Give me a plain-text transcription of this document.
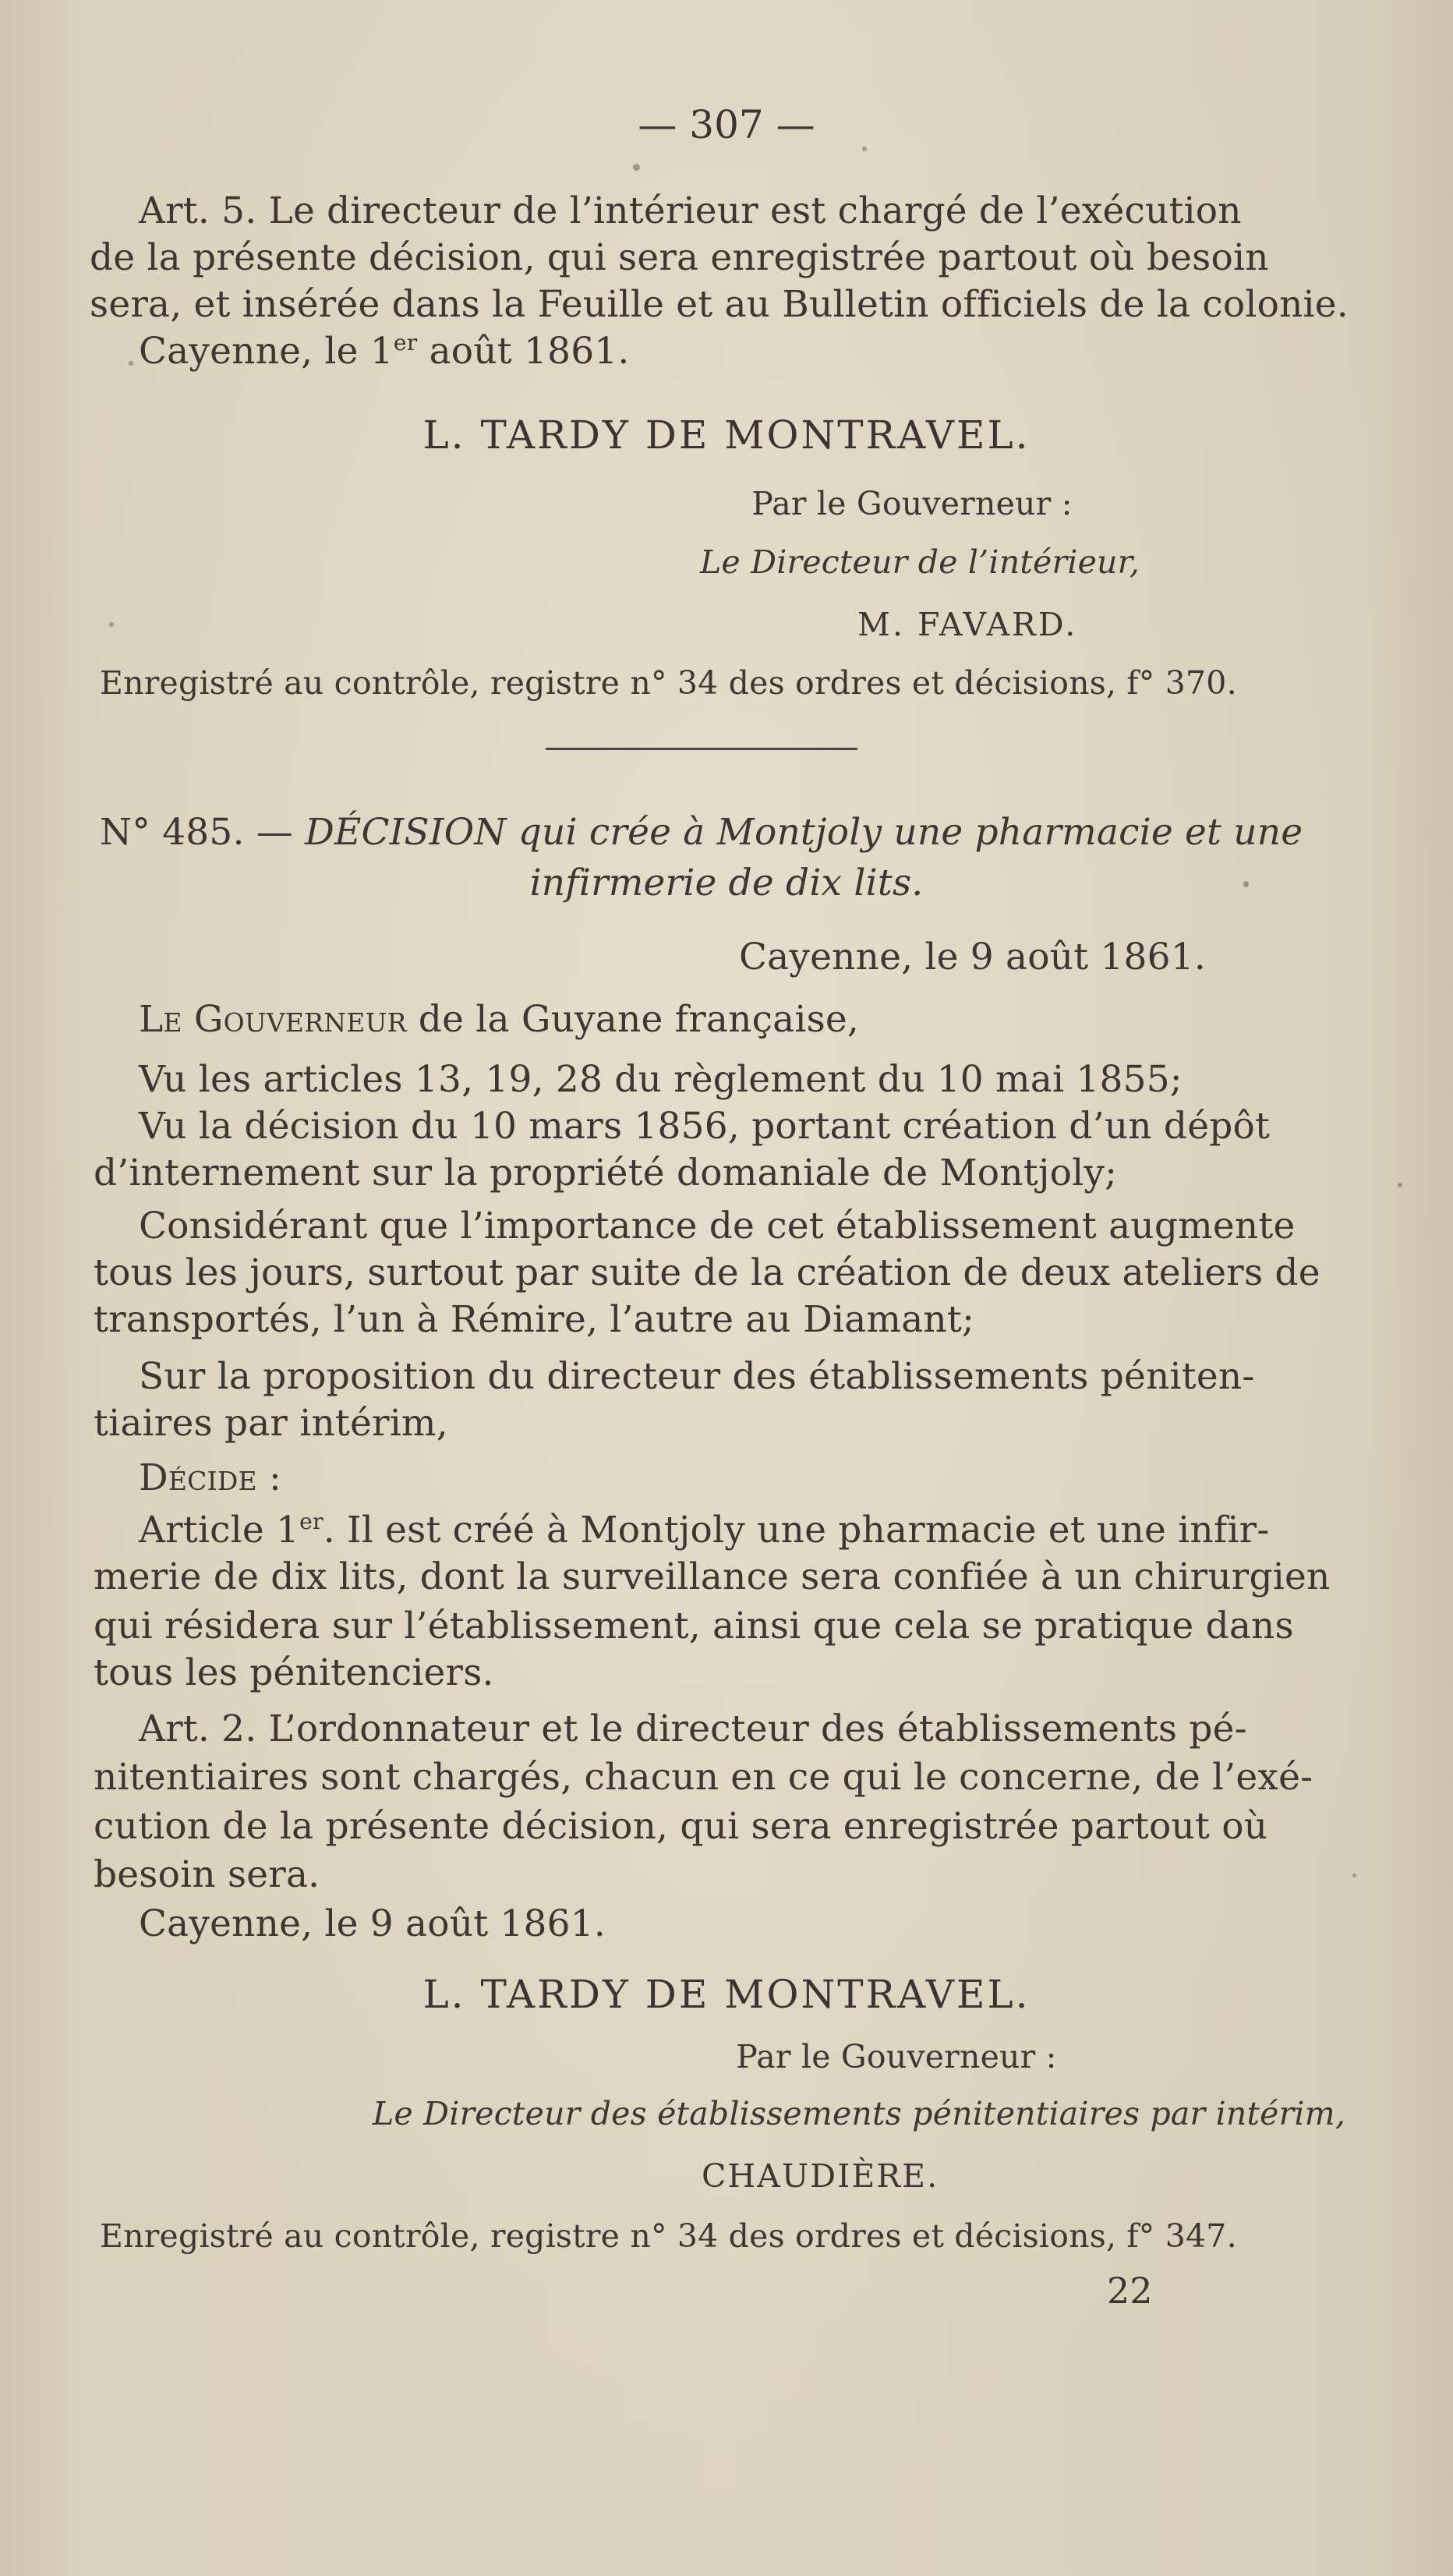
— 307 —
Art. 5. Le directeur de l’intérieur est chargé de l’exécution
de la présente décision, qui sera enregistrée partout où besoin
sera, et insérée dans la Feuille et au Bulletin officiels de la colonie.
Cayenne, le 1er août 1861.
L. TARDY DE MONTRAVEL.
Par le Gouverneur :
Le Directeur de l’intérieur,
M. FAVARD.
Enregistré au contrôle, registre n° 34 des ordres et décisions, f° 370.
N° 485. — DÉCISION qui crée à Montjoly une pharmacie et une
infirmerie de dix lits.
Cayenne, le 9 août 1861.
Le Gouverneur de la Guyane française,
Vu les articles 13, 19, 28 du règlement du 10 mai 1855;
Vu la décision du 10 mars 1856, portant création d’un dépôt
d’internement sur la propriété domaniale de Montjoly;
Considérant que l’importance de cet établissement augmente
tous les jours, surtout par suite de la création de deux ateliers de
transportés, l’un à Rémire, l’autre au Diamant;
Sur la proposition du directeur des établissements péniten-
tiaires par intérim,
Décide :
Article 1er. Il est créé à Montjoly une pharmacie et une infir-
merie de dix lits, dont la surveillance sera confiée à un chirurgien
qui résidera sur l’établissement, ainsi que cela se pratique dans
tous les pénitenciers.
Art. 2. L’ordonnateur et le directeur des établissements pé-
nitentiaires sont chargés, chacun en ce qui le concerne, de l’exé-
cution de la présente décision, qui sera enregistrée partout où
besoin sera.
Cayenne, le 9 août 1861.
L. TARDY DE MONTRAVEL.
Par le Gouverneur :
Le Directeur des établissements pénitentiaires par intérim,
CHAUDIÈRE.
Enregistré au contrôle, registre n° 34 des ordres et décisions, f° 347.
22
